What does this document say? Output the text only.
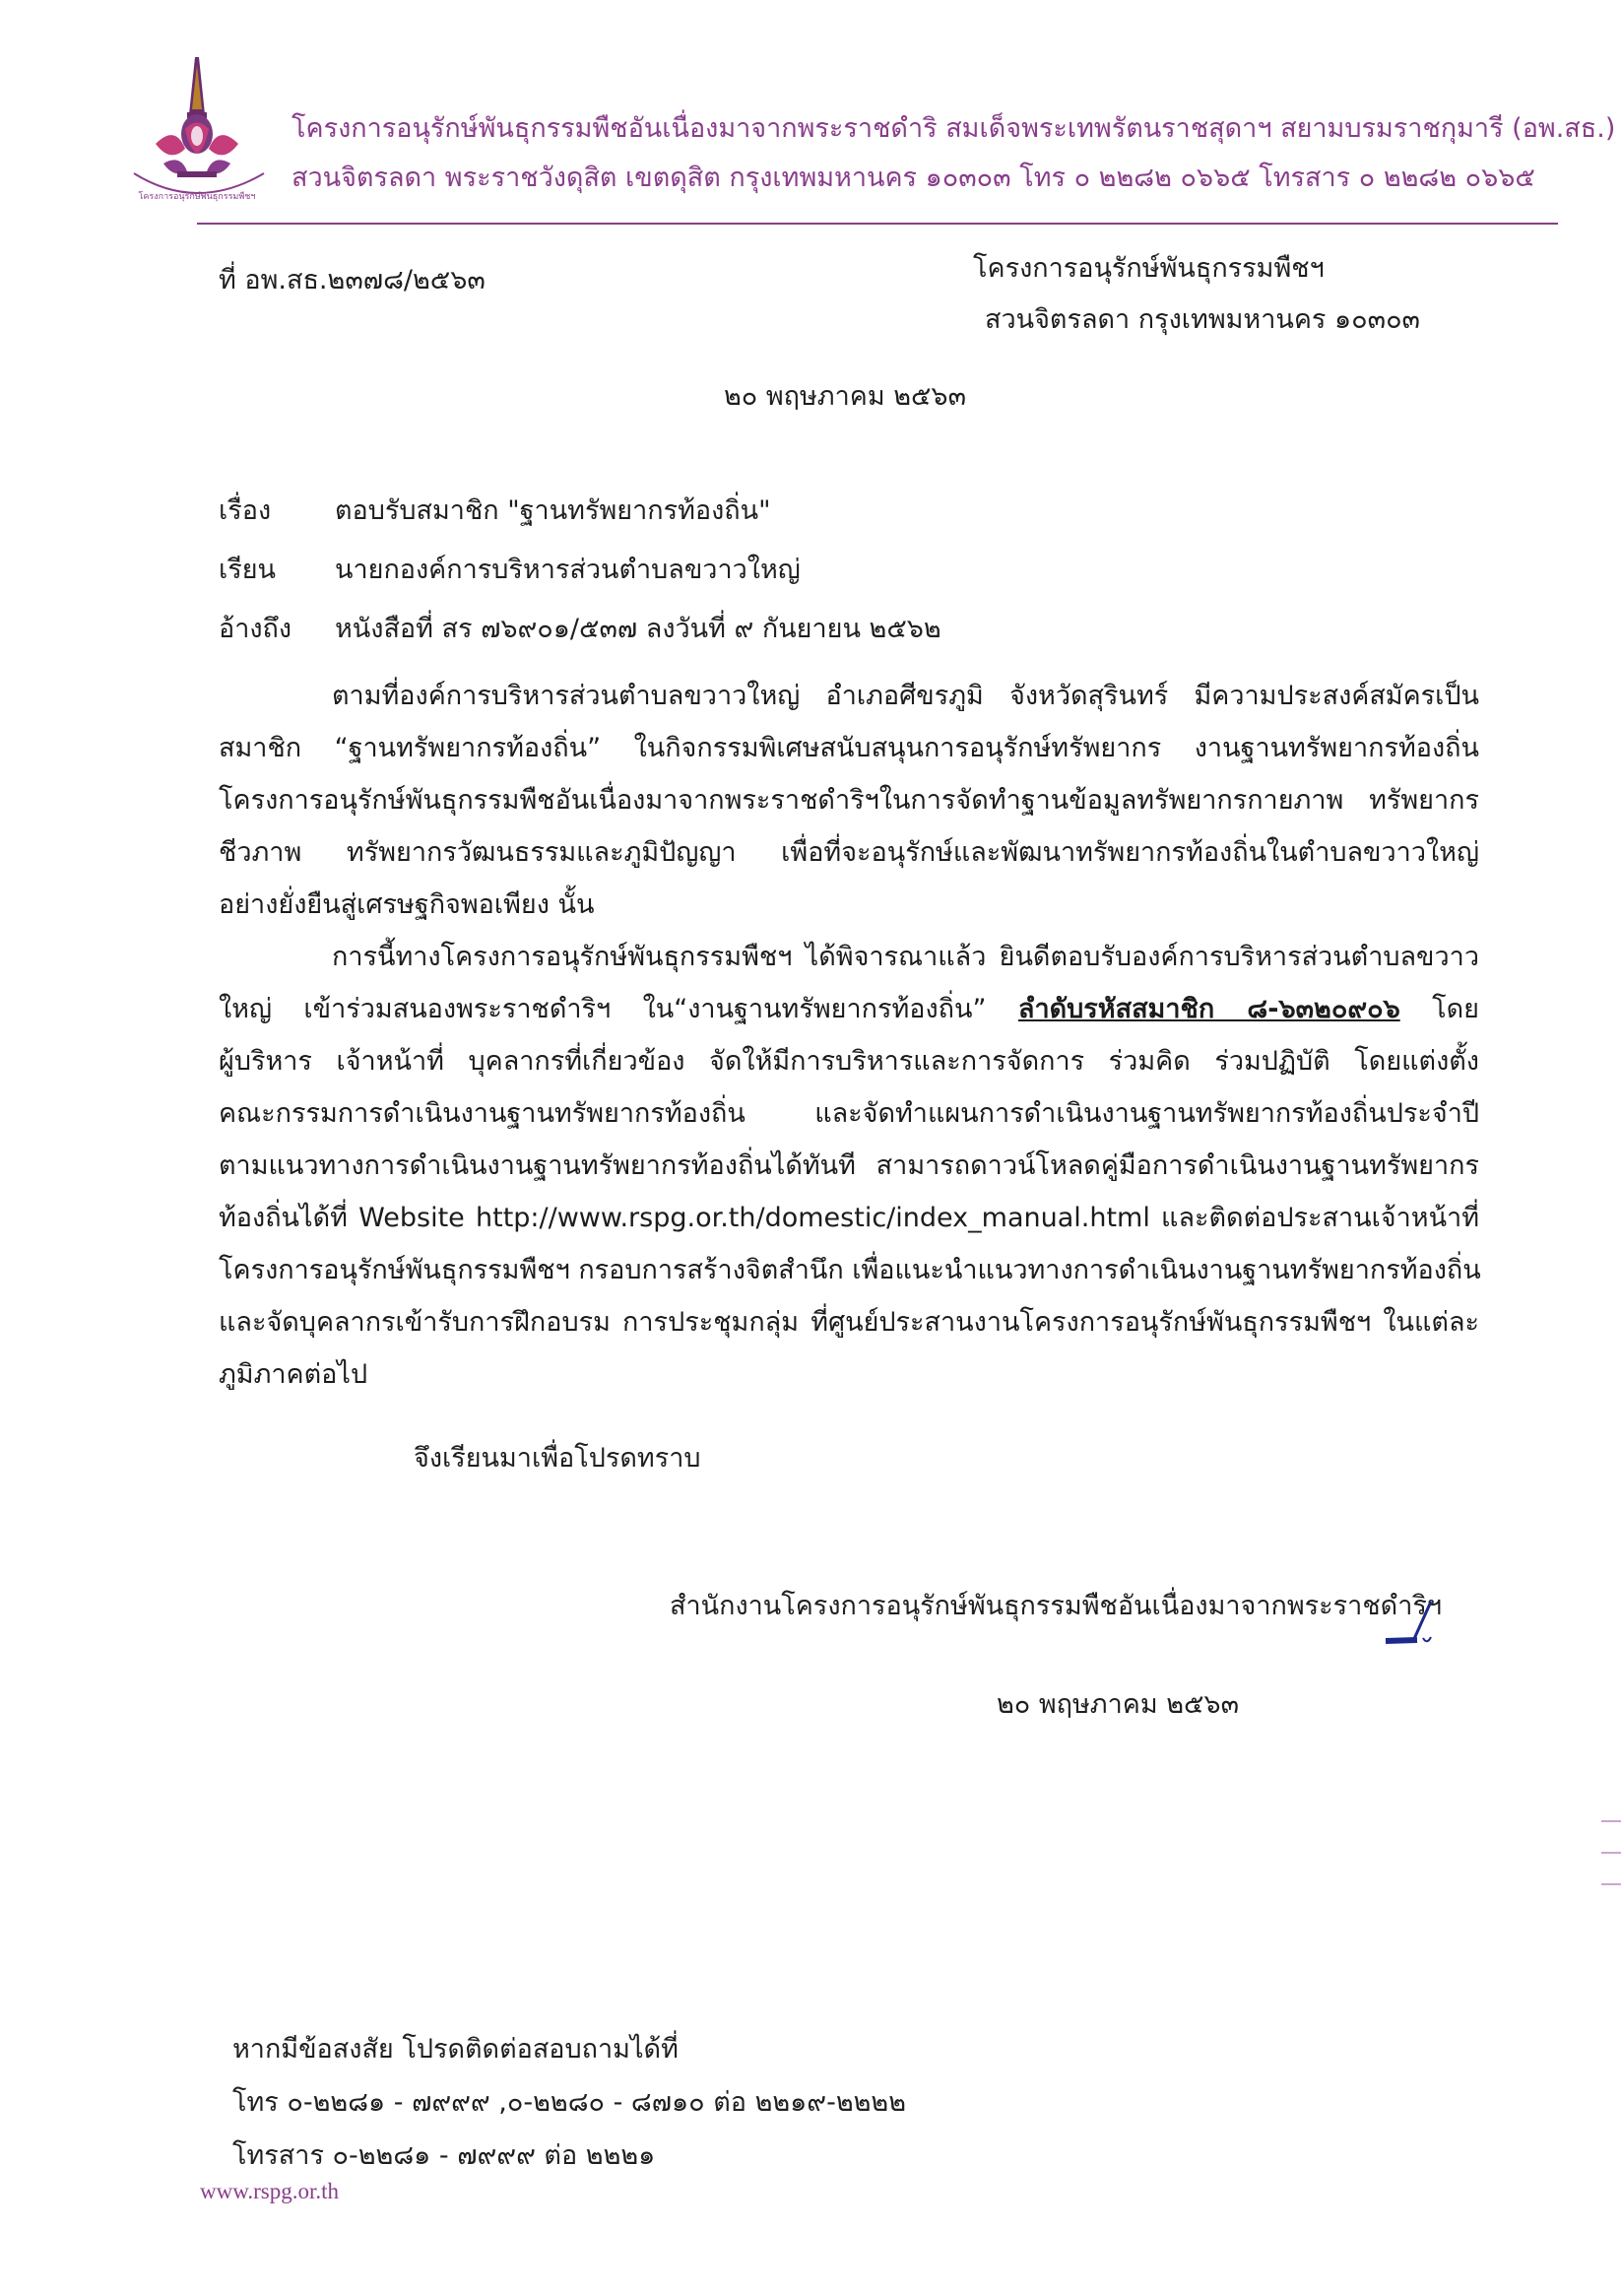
โครงการอนุรักษ์พันธุกรรมพืชฯ
โครงการอนุรักษ์พันธุกรรมพืชอันเนื่องมาจากพระราชดำริ สมเด็จพระเทพรัตนราชสุดาฯ สยามบรมราชกุมารี (อพ.สธ.)
สวนจิตรลดา พระราชวังดุสิต เขตดุสิต กรุงเทพมหานคร ๑๐๓๐๓ โทร ๐ ๒๒๘๒ ๐๖๖๕ โทรสาร ๐ ๒๒๘๒ ๐๖๖๕
ที่ อพ.สธ.๒๓๗๘/๒๕๖๓	โครงการอนุรักษ์พันธุกรรมพืชฯ
สวนจิตรลดา กรุงเทพมหานคร ๑๐๓๐๓
๒๐ พฤษภาคม ๒๕๖๓
เรื่อง ตอบรับสมาชิก "ฐานทรัพยากรท้องถิ่น"
เรียน นายกองค์การบริหารส่วนตำบลขวาวใหญ่
อ้างถึง หนังสือที่ สร ๗๖๙๐๑/๕๓๗ ลงวันที่ ๙ กันยายน ๒๕๖๒
ตามที่องค์การบริหารส่วนตำบลขวาวใหญ่ อำเภอศีขรภูมิ จังหวัดสุรินทร์ มีความประสงค์สมัครเป็น
สมาชิก “ฐานทรัพยากรท้องถิ่น” ในกิจกรรมพิเศษสนับสนุนการอนุรักษ์ทรัพยากร งานฐานทรัพยากรท้องถิ่น
โครงการอนุรักษ์พันธุกรรมพืชอันเนื่องมาจากพระราชดำริฯในการจัดทำฐานข้อมูลทรัพยากรกายภาพ ทรัพยากร
ชีวภาพ ทรัพยากรวัฒนธรรมและภูมิปัญญา เพื่อที่จะอนุรักษ์และพัฒนาทรัพยากรท้องถิ่นในตำบลขวาวใหญ่
อย่างยั่งยืนสู่เศรษฐกิจพอเพียง นั้น
การนี้ทางโครงการอนุรักษ์พันธุกรรมพืชฯ ได้พิจารณาแล้ว ยินดีตอบรับองค์การบริหารส่วนตำบลขวาว
ใหญ่ เข้าร่วมสนองพระราชดำริฯ ใน“งานฐานทรัพยากรท้องถิ่น” ลำดับรหัสสมาชิก ๘-๖๓๒๐๙๐๖ โดย
ผู้บริหาร เจ้าหน้าที่ บุคลากรที่เกี่ยวข้อง จัดให้มีการบริหารและการจัดการ ร่วมคิด ร่วมปฏิบัติ โดยแต่งตั้ง
คณะกรรมการดำเนินงานฐานทรัพยากรท้องถิ่น และจัดทำแผนการดำเนินงานฐานทรัพยากรท้องถิ่นประจำปี
ตามแนวทางการดำเนินงานฐานทรัพยากรท้องถิ่นได้ทันที สามารถดาวน์โหลดคู่มือการดำเนินงานฐานทรัพยากร
ท้องถิ่นได้ที่ Website http://www.rspg.or.th/domestic/index_manual.html และติดต่อประสานเจ้าหน้าที่
โครงการอนุรักษ์พันธุกรรมพืชฯ กรอบการสร้างจิตสำนึก เพื่อแนะนำแนวทางการดำเนินงานฐานทรัพยากรท้องถิ่น
และจัดบุคลากรเข้ารับการฝึกอบรม การประชุมกลุ่ม ที่ศูนย์ประสานงานโครงการอนุรักษ์พันธุกรรมพืชฯ ในแต่ละ
ภูมิภาคต่อไป
จึงเรียนมาเพื่อโปรดทราบ
สำนักงานโครงการอนุรักษ์พันธุกรรมพืชอันเนื่องมาจากพระราชดำริฯ
๒๐ พฤษภาคม ๒๕๖๓
หากมีข้อสงสัย โปรดติดต่อสอบถามได้ที่
โทร ๐-๒๒๘๑ - ๗๙๙๙ ,๐-๒๒๘๐ - ๘๗๑๐ ต่อ ๒๒๑๙-๒๒๒๒
โทรสาร ๐-๒๒๘๑ - ๗๙๙๙ ต่อ ๒๒๒๑
www.rspg.or.th
